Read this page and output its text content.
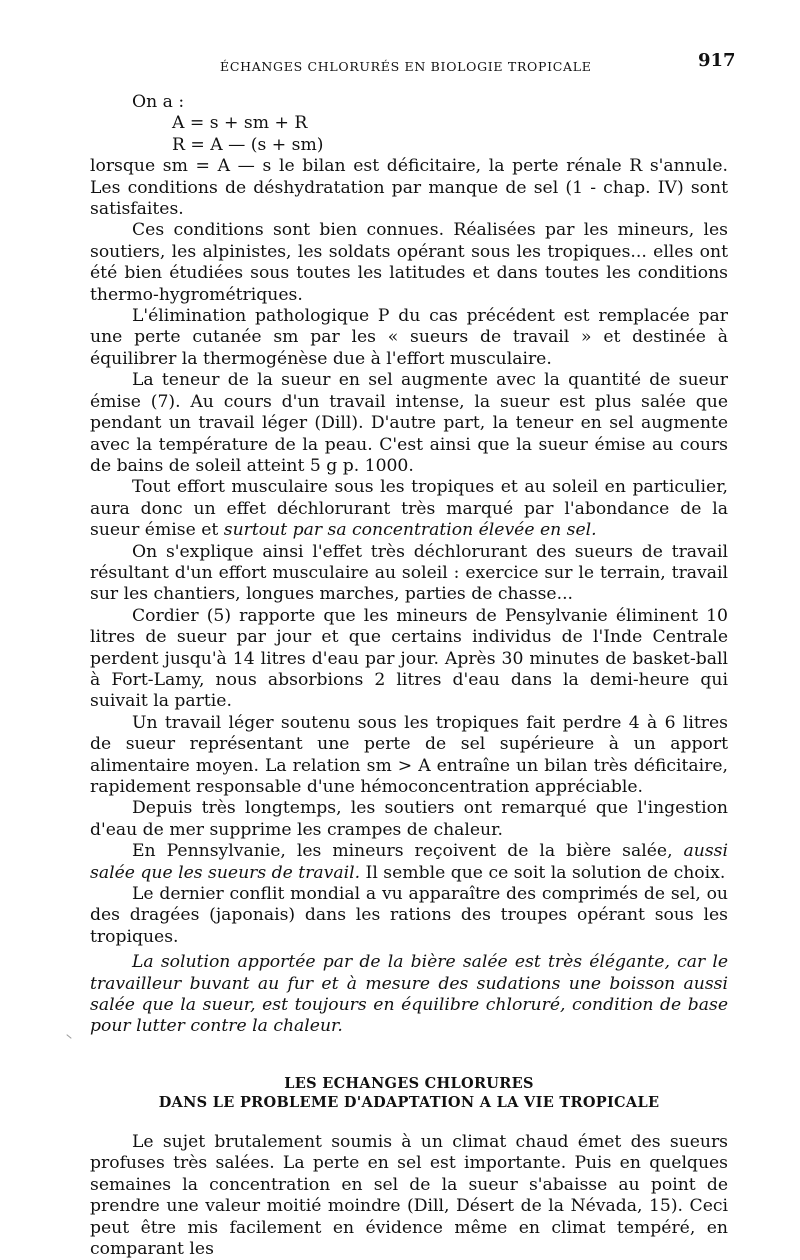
ÉCHANGES CHLORURÉS EN BIOLOGIE TROPICALE	917
On a :
A = s + sm + R
R = A — (s + sm)

lorsque sm = A — s le bilan est déficitaire, la perte rénale R s'annule. Les conditions de déshydratation par manque de sel (1 - chap. IV) sont satisfaites.

Ces conditions sont bien connues. Réalisées par les mineurs, les soutiers, les alpinistes, les soldats opérant sous les tropiques... elles ont été bien étudiées sous toutes les latitudes et dans toutes les conditions thermo-hygrométriques.

L'élimination pathologique P du cas précédent est remplacée par une perte cutanée sm par les « sueurs de travail » et destinée à équilibrer la thermogénèse due à l'effort musculaire.

La teneur de la sueur en sel augmente avec la quantité de sueur émise (7). Au cours d'un travail intense, la sueur est plus salée que pendant un travail léger (Dill). D'autre part, la teneur en sel augmente avec la température de la peau. C'est ainsi que la sueur émise au cours de bains de soleil atteint 5 g p. 1000.

Tout effort musculaire sous les tropiques et au soleil en particulier, aura donc un effet déchlorurant très marqué par l'abondance de la sueur émise et surtout par sa concentration élevée en sel.

On s'explique ainsi l'effet très déchlorurant des sueurs de travail résultant d'un effort musculaire au soleil : exercice sur le terrain, travail sur les chantiers, longues marches, parties de chasse...

Cordier (5) rapporte que les mineurs de Pensylvanie éliminent 10 litres de sueur par jour et que certains individus de l'Inde Centrale perdent jusqu'à 14 litres d'eau par jour. Après 30 minutes de basket-ball à Fort-Lamy, nous absorbions 2 litres d'eau dans la demi-heure qui suivait la partie.

Un travail léger soutenu sous les tropiques fait perdre 4 à 6 litres de sueur représentant une perte de sel supérieure à un apport alimentaire moyen. La relation sm > A entraîne un bilan très déficitaire, rapidement responsable d'une hémoconcentration appréciable.

Depuis très longtemps, les soutiers ont remarqué que l'ingestion d'eau de mer supprime les crampes de chaleur.

En Pennsylvanie, les mineurs reçoivent de la bière salée, aussi salée que les sueurs de travail. Il semble que ce soit la solution de choix.

Le dernier conflit mondial a vu apparaître des comprimés de sel, ou des dragées (japonais) dans les rations des troupes opérant sous les tropiques.

La solution apportée par de la bière salée est très élégante, car le travailleur buvant au fur et à mesure des sudations une boisson aussi salée que la sueur, est toujours en équilibre chloruré, condition de base pour lutter contre la chaleur.

LES ECHANGES CHLORURES
DANS LE PROBLEME D'ADAPTATION A LA VIE TROPICALE

Le sujet brutalement soumis à un climat chaud émet des sueurs profuses très salées. La perte en sel est importante. Puis en quelques semaines la concentration en sel de la sueur s'abaisse au point de prendre une valeur moitié moindre (Dill, Désert de la Névada, 15). Ceci peut être mis facilement en évidence même en climat tempéré, en comparant les
